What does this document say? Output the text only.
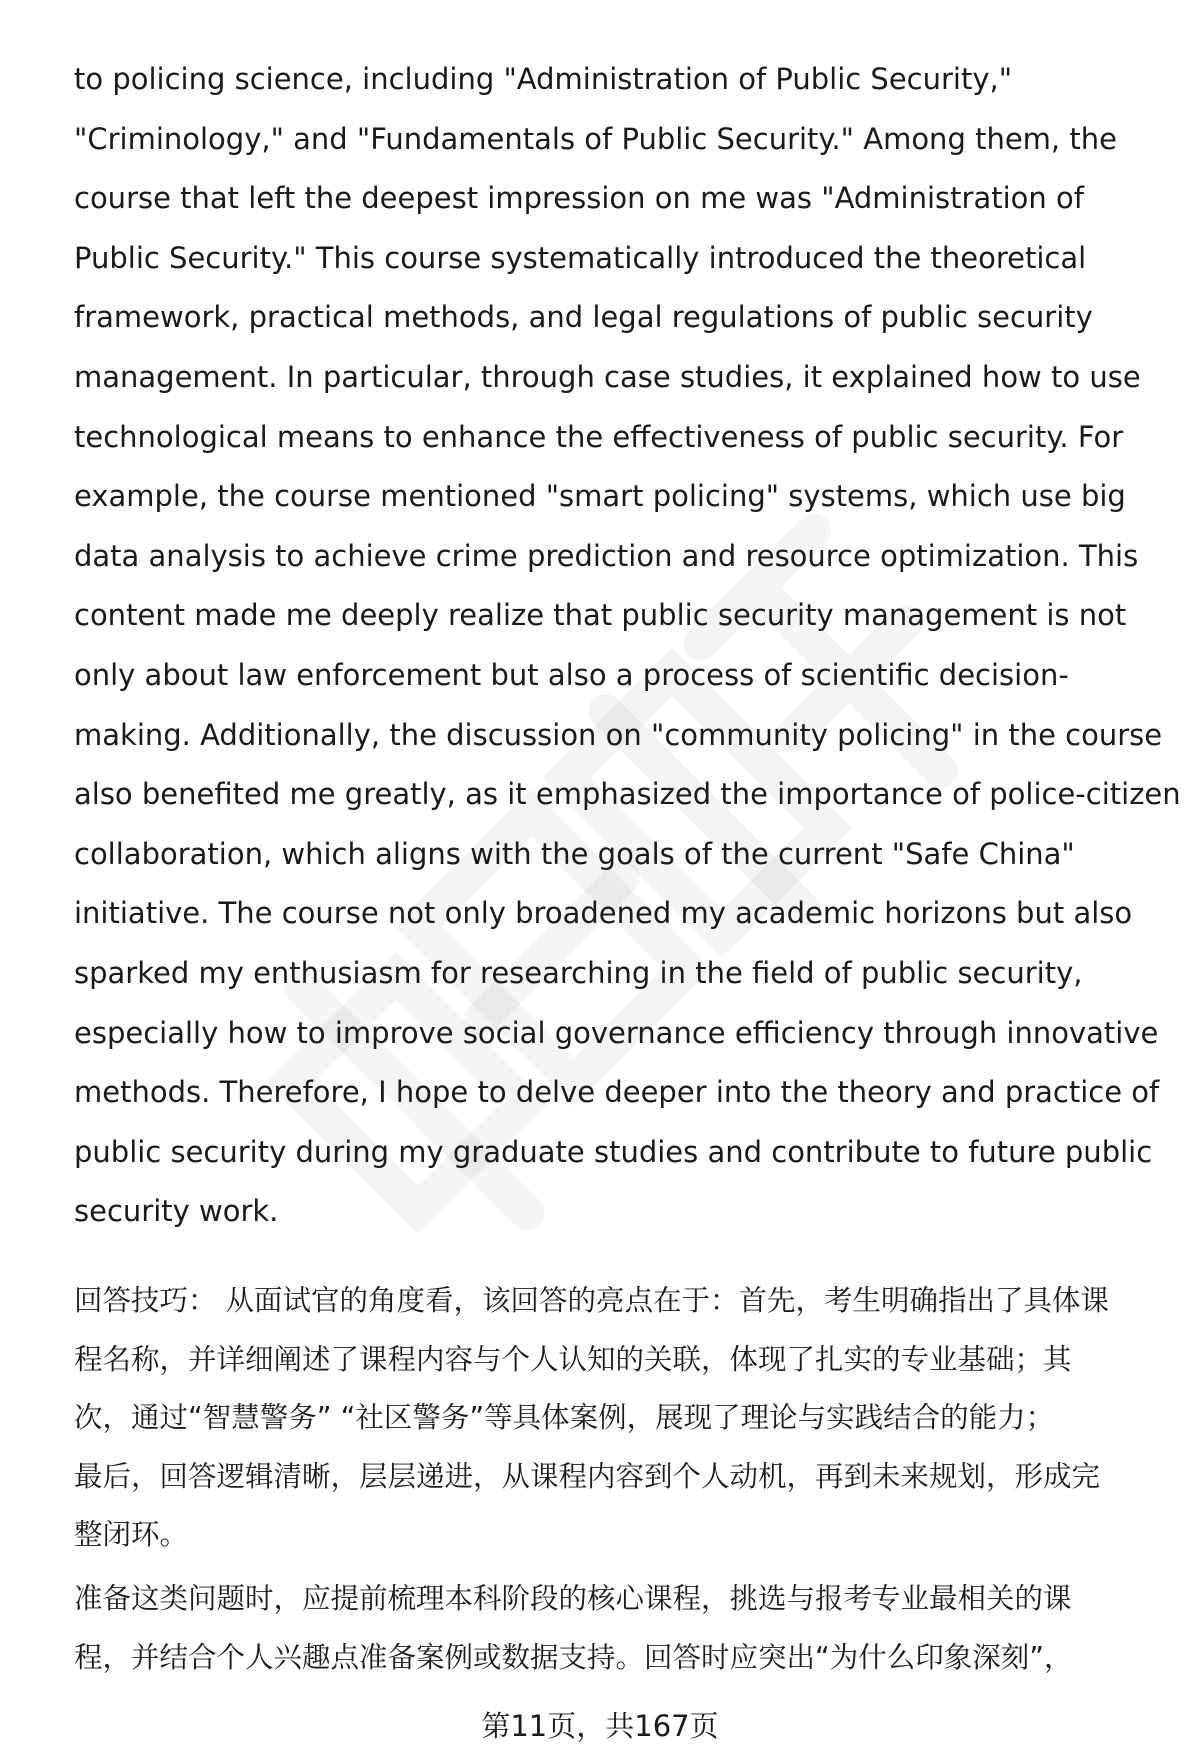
to policing science, including "Administration of Public Security,"
"Criminology," and "Fundamentals of Public Security." Among them, the
course that left the deepest impression on me was "Administration of
Public Security." This course systematically introduced the theoretical
framework, practical methods, and legal regulations of public security
management. In particular, through case studies, it explained how to use
technological means to enhance the effectiveness of public security. For
example, the course mentioned "smart policing" systems, which use big
data analysis to achieve crime prediction and resource optimization. This
content made me deeply realize that public security management is not
only about law enforcement but also a process of scientific decision-
making. Additionally, the discussion on "community policing" in the course
also benefited me greatly, as it emphasized the importance of police-citizen
collaboration, which aligns with the goals of the current "Safe China"
initiative. The course not only broadened my academic horizons but also
sparked my enthusiasm for researching in the field of public security,
especially how to improve social governance efficiency through innovative
methods. Therefore, I hope to delve deeper into the theory and practice of
public security during my graduate studies and contribute to future public
security work.
回答技巧： 从面试官的角度看，该回答的亮点在于：首先，考生明确指出了具体课
程名称，并详细阐述了课程内容与个人认知的关联，体现了扎实的专业基础；其
次，通过“智慧警务” “社区警务”等具体案例，展现了理论与实践结合的能力；
最后，回答逻辑清晰，层层递进，从课程内容到个人动机，再到未来规划，形成完
整闭环。
准备这类问题时，应提前梳理本科阶段的核心课程，挑选与报考专业最相关的课
程，并结合个人兴趣点准备案例或数据支持。回答时应突出“为什么印象深刻”，
第11页，共167页
